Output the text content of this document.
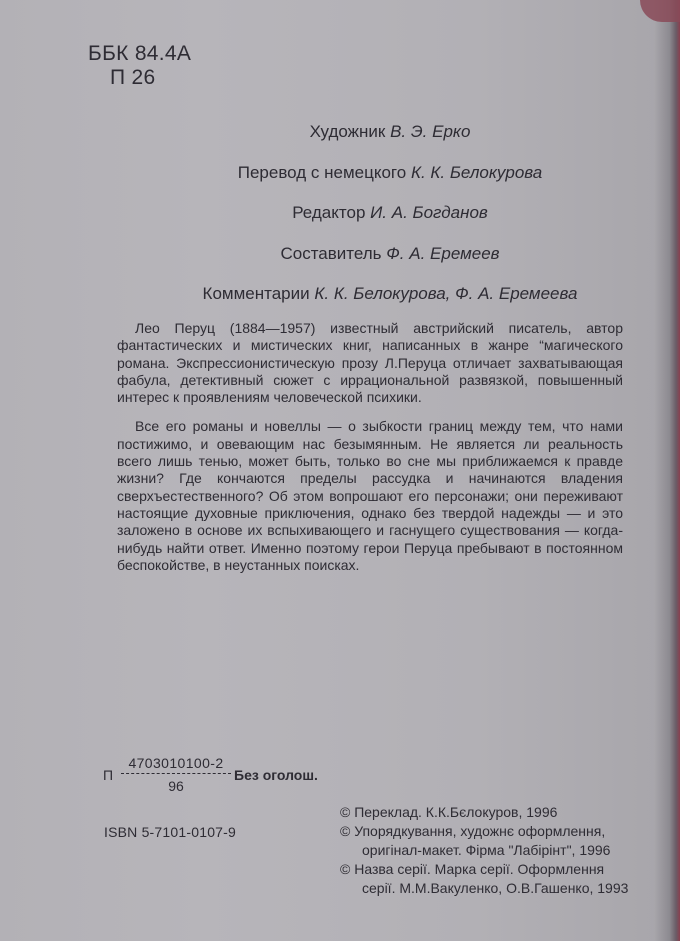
ББК 84.4А
П 26
Художник В. Э. Ерко
Перевод с немецкого К. К. Белокурова
Редактор И. А. Богданов
Составитель Ф. А. Еремеев
Комментарии К. К. Белокурова, Ф. А. Еремеева

Лео Перуц (1884—1957) известный австрийский писатель, автор фантастических и мистических книг, написанных в жанре “магического романа. Экспрессионистическую прозу Л.Перуца отличает захватывающая фабула, детективный сюжет с иррациональной развязкой, повышенный интерес к проявлениям человеческой психики.

Все его романы и новеллы — о зыбкости границ между тем, что нами постижимо, и овевающим нас безымянным. Не является ли реальность всего лишь тенью, может быть, только во сне мы приближаемся к правде жизни? Где кончаются пределы рассудка и начинаются владения сверхъестественного? Об этом вопрошают его персонажи; они переживают настоящие духовные приключения, однако без твердой надежды — и это заложено в основе их вспыхивающего и гаснущего существования — когда-нибудь найти ответ. Именно поэтому герои Перуца пребывают в постоянном беспокойстве, в неустанных поисках.

П
4703010100-2
96
Без оголош.
ISBN 5-7101-0107-9
© Переклад. К.К.Бєлокуров, 1996
© Упорядкування, художнє оформлення,
оригінал-макет. Фірма "Лабірінт", 1996
© Назва серії. Марка серії. Оформлення
серії. М.М.Вакуленко, О.В.Гашенко, 1993
